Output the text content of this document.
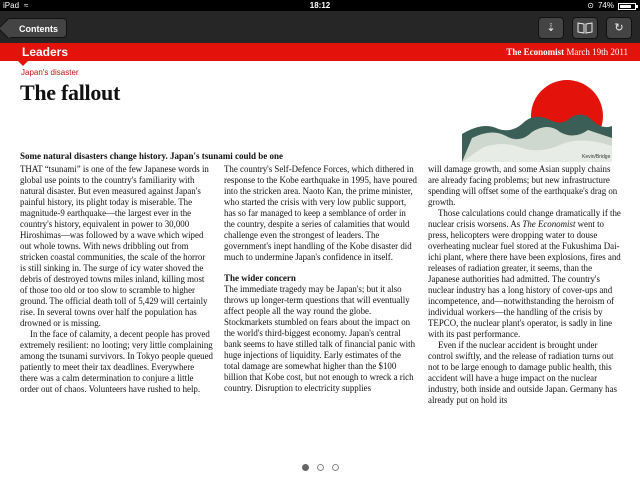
iPad ≈	18:12	⊙ 74%
Contents	⇣	↻
Leaders	The Economist March 19th 2011
Japan's disaster
The fallout
Kevin/Bridge
Some natural disasters change history. Japan's tsunami could be one

THAT “tsunami” is one of the few Japanese words in global use points to the country's familiarity with natural disaster. But even measured against Japan's painful history, its plight today is miserable. The magnitude-9 earthquake—the largest ever in the country's history, equivalent in power to 30,000 Hiroshimas—was followed by a wave which wiped out whole towns. With news dribbling out from stricken coastal communities, the scale of the horror is still sinking in. The surge of icy water shoved the debris of destroyed towns miles inland, killing most of those too old or too slow to scramble to higher ground. The official death toll of 5,429 will certainly rise. In several towns over half the population has drowned or is missing.

In the face of calamity, a decent people has proved extremely resilient: no looting; very little complaining among the tsunami survivors. In Tokyo people queued patiently to meet their tax deadlines. Everywhere there was a calm determination to conjure a little order out of chaos. Volunteers have rushed to help.

The country's Self-Defence Forces, which dithered in response to the Kobe earthquake in 1995, have poured into the stricken area. Naoto Kan, the prime minister, who started the crisis with very low public support, has so far managed to keep a semblance of order in the country, despite a series of calamities that would challenge even the strongest of leaders. The government's inept handling of the Kobe disaster did much to undermine Japan's confidence in itself.

The wider concern

The immediate tragedy may be Japan's; but it also throws up longer-term questions that will eventually affect people all the way round the globe. Stockmarkets stumbled on fears about the impact on the world's third-biggest economy. Japan's central bank seems to have stilled talk of financial panic with huge injections of liquidity. Early estimates of the total damage are somewhat higher than the $100 billion that Kobe cost, but not enough to wreck a rich country. Disruption to electricity supplies

will damage growth, and some Asian supply chains are already facing problems; but new infrastructure spending will offset some of the earthquake's drag on growth.

Those calculations could change dramatically if the nuclear crisis worsens. As The Economist went to press, helicopters were dropping water to douse overheating nuclear fuel stored at the Fukushima Dai-ichi plant, where there have been explosions, fires and releases of radiation greater, it seems, than the Japanese authorities had admitted. The country's nuclear industry has a long history of cover-ups and incompetence, and—notwithstanding the heroism of individual workers—the handling of the crisis by TEPCO, the nuclear plant's operator, is sadly in line with its past performance.

Even if the nuclear accident is brought under control swiftly, and the release of radiation turns out not to be large enough to damage public health, this accident will have a huge impact on the nuclear industry, both inside and outside Japan. Germany has already put on hold its
